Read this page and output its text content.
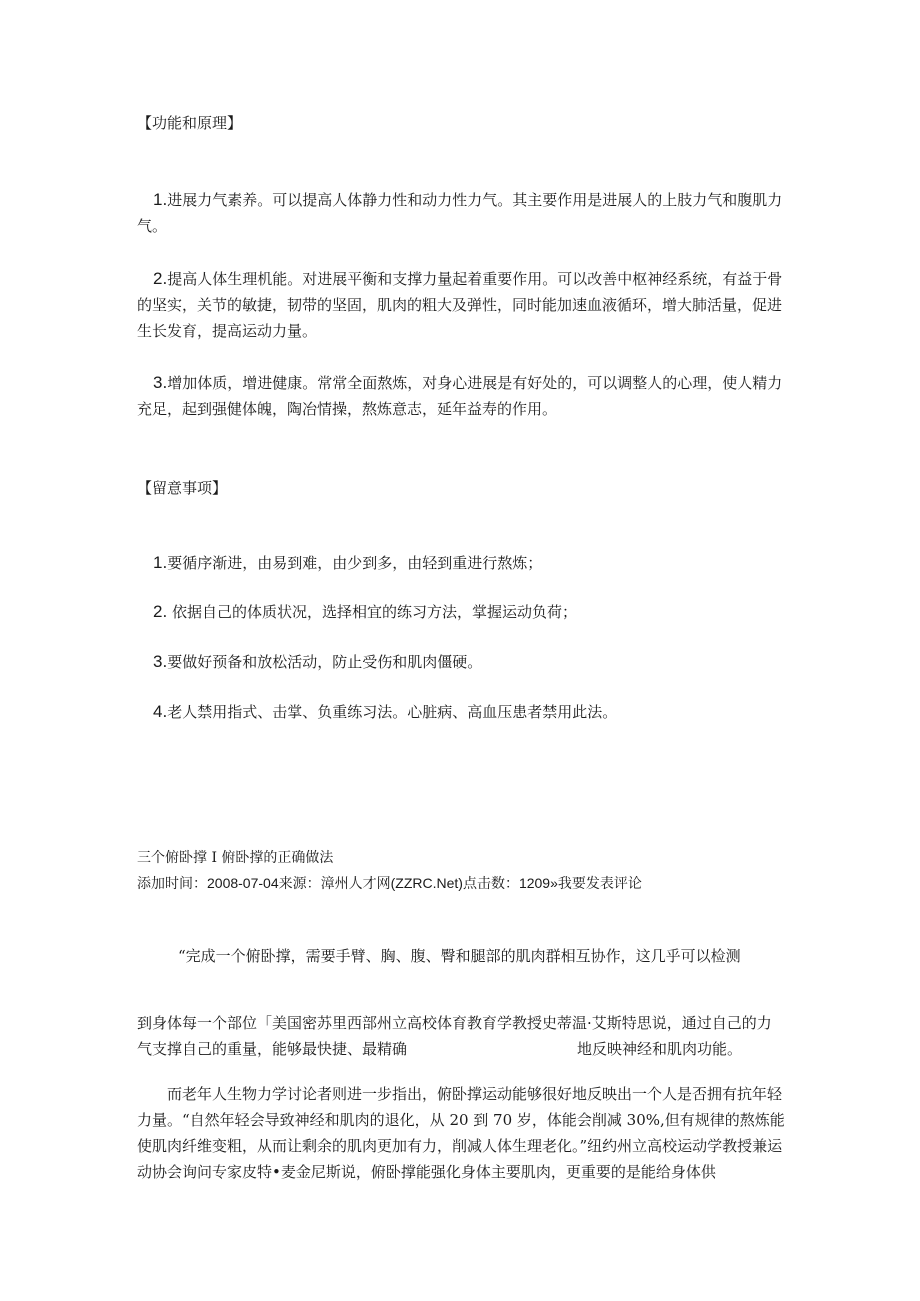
【功能和原理】

1.进展力气素养。可以提高人体静力性和动力性力气。其主要作用是进展人的上肢力气和腹肌力气。

2.提高人体生理机能。对进展平衡和支撑力量起着重要作用。可以改善中枢神经系统，有益于骨的坚实，关节的敏捷，韧带的坚固，肌肉的粗大及弹性，同时能加速血液循环，增大肺活量，促进生长发育，提高运动力量。

3.增加体质，增进健康。常常全面熬炼，对身心进展是有好处的，可以调整人的心理，使人精力充足，起到强健体魄，陶冶情操，熬炼意志，延年益寿的作用。

【留意事项】

1.要循序渐进，由易到难，由少到多，由轻到重进行熬炼；

2. 依据自己的体质状况，选择相宜的练习方法，掌握运动负荷；

3.要做好预备和放松活动，防止受伤和肌肉僵硬。

4.老人禁用指式、击掌、负重练习法。心脏病、高血压患者禁用此法。

三个俯卧撑 I 俯卧撑的正确做法

添加时间：2008-07-04来源：漳州人才网(ZZRC.Net)点击数：1209»我要发表评论

“完成一个俯卧撑，需要手臂、胸、腹、臀和腿部的肌肉群相互协作，这几乎可以检测

到身体每一个部位「美国密苏里西部州立高校体育教育学教授史蒂温·艾斯特思说，通过自己的力气支撑自己的重量，能够最快捷、最精确	地反映神经和肌肉功能。

而老年人生物力学讨论者则进一步指出，俯卧撑运动能够很好地反映出一个人是否拥有抗年轻力量。“自然年轻会导致神经和肌肉的退化，从 20 到 70 岁，体能会削减 30%,但有规律的熬炼能使肌肉纤维变粗，从而让剩余的肌肉更加有力，削减人体生理老化。”纽约州立高校运动学教授兼运动协会询问专家皮特•麦金尼斯说，俯卧撑能强化身体主要肌肉，更重要的是能给身体供
